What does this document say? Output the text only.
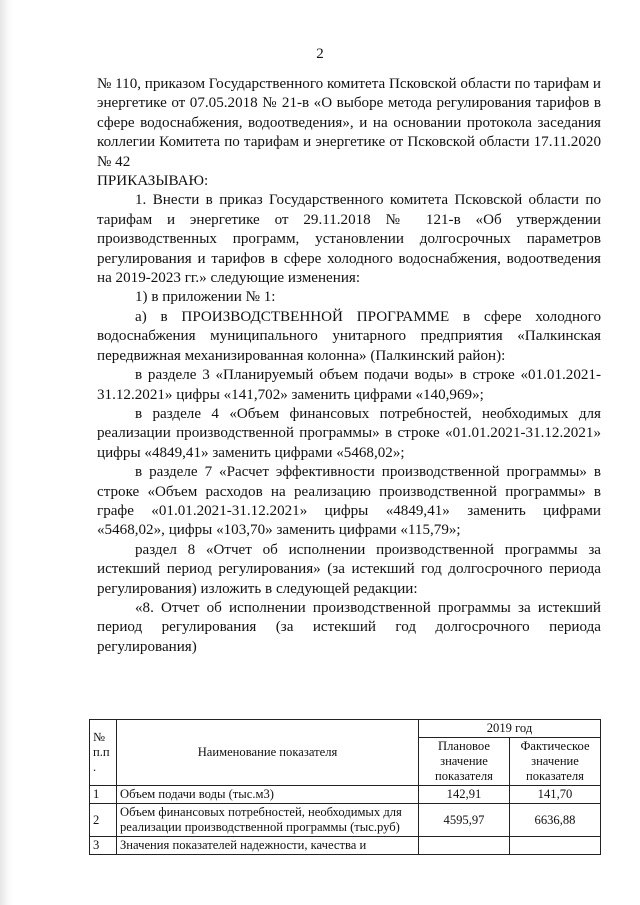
2

№ 110, приказом Государственного комитета Псковской области по тарифам и энергетике от 07.05.2018 № 21-в «О выборе метода регулирования тарифов в сфере водоснабжения, водоотведения», и на основании протокола заседания коллегии Комитета по тарифам и энергетике от Псковской области 17.11.2020 № 42

ПРИКАЗЫВАЮ:

1. Внести в приказ Государственного комитета Псковской области по тарифам и энергетике от 29.11.2018 № 121-в «Об утверждении производственных программ, установлении долгосрочных параметров регулирования и тарифов в сфере холодного водоснабжения, водоотведения на 2019-2023 гг.» следующие изменения:

1) в приложении № 1:

а) в ПРОИЗВОДСТВЕННОЙ ПРОГРАММЕ в сфере холодного водоснабжения муниципального унитарного предприятия «Палкинская передвижная механизированная колонна» (Палкинский район):

в разделе 3 «Планируемый объем подачи воды» в строке «01.01.2021-31.12.2021» цифры «141,702» заменить цифрами «140,969»;

в разделе 4 «Объем финансовых потребностей, необходимых для реализации производственной программы» в строке «01.01.2021-31.12.2021» цифры «4849,41» заменить цифрами «5468,02»;

в разделе 7 «Расчет эффективности производственной программы» в строке «Объем расходов на реализацию производственной программы» в графе «01.01.2021-31.12.2021» цифры «4849,41» заменить цифрами «5468,02», цифры «103,70» заменить цифрами «115,79»;

раздел 8 «Отчет об исполнении производственной программы за истекший период регулирования» (за истекший год долгосрочного периода регулирования) изложить в следующей редакции:

«8. Отчет об исполнении производственной программы за истекший период регулирования (за истекший год долгосрочного периода регулирования)

№ п.п .	Наименование показателя	2019 год	
		Плановое значение показателя	Фактическое значение показателя
1	Объем подачи воды (тыс.м3)	142,91	141,70
2	Объем финансовых потребностей, необходимых для реализации производственной программы (тыс.руб)	4595,97	6636,88
3	Значения показателей надежности, качества и		
